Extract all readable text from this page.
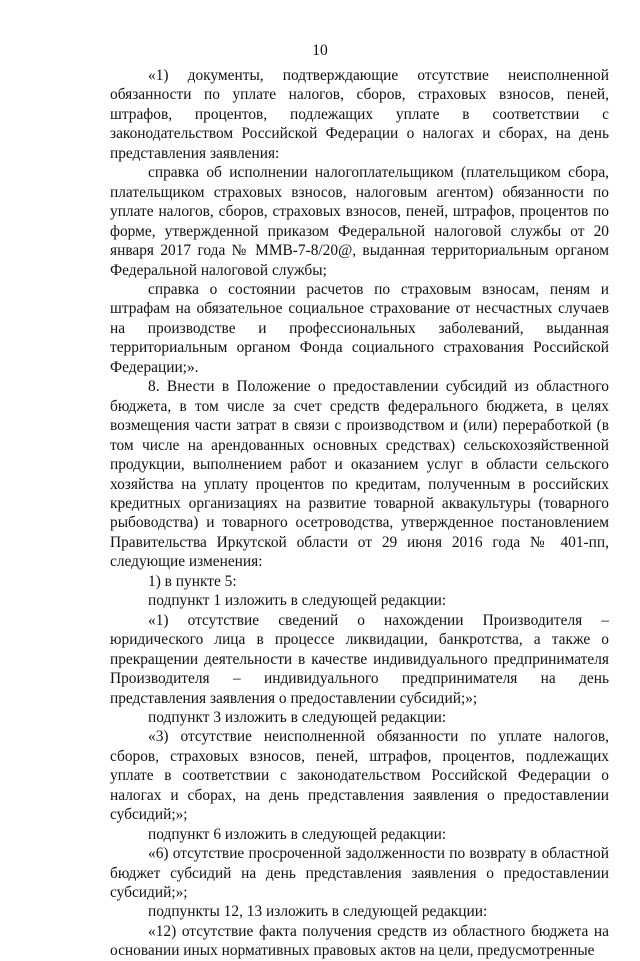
10

«1) документы, подтверждающие отсутствие неисполненной обязанности по уплате налогов, сборов, страховых взносов, пеней, штрафов, процентов, подлежащих уплате в соответствии с законодательством Российской Федерации о налогах и сборах, на день представления заявления:

справка об исполнении налогоплательщиком (плательщиком сбора, плательщиком страховых взносов, налоговым агентом) обязанности по уплате налогов, сборов, страховых взносов, пеней, штрафов, процентов по форме, утвержденной приказом Федеральной налоговой службы от 20 января 2017 года № ММВ-7-8/20@, выданная территориальным органом Федеральной налоговой службы;

справка о состоянии расчетов по страховым взносам, пеням и штрафам на обязательное социальное страхование от несчастных случаев на производстве и профессиональных заболеваний, выданная территориальным органом Фонда социального страхования Российской Федерации;».

8. Внести в Положение о предоставлении субсидий из областного бюджета, в том числе за счет средств федерального бюджета, в целях возмещения части затрат в связи с производством и (или) переработкой (в том числе на арендованных основных средствах) сельскохозяйственной продукции, выполнением работ и оказанием услуг в области сельского хозяйства на уплату процентов по кредитам, полученным в российских кредитных организациях на развитие товарной аквакультуры (товарного рыбоводства) и товарного осетроводства, утвержденное постановлением Правительства Иркутской области от 29 июня 2016 года № 401-пп, следующие изменения:

1) в пункте 5:

подпункт 1 изложить в следующей редакции:

«1) отсутствие сведений о нахождении Производителя – юридического лица в процессе ликвидации, банкротства, а также о прекращении деятельности в качестве индивидуального предпринимателя Производителя – индивидуального предпринимателя на день представления заявления о предоставлении субсидий;»;

подпункт 3 изложить в следующей редакции:

«3) отсутствие неисполненной обязанности по уплате налогов, сборов, страховых взносов, пеней, штрафов, процентов, подлежащих уплате в соответствии с законодательством Российской Федерации о налогах и сборах, на день представления заявления о предоставлении субсидий;»;

подпункт 6 изложить в следующей редакции:

«6) отсутствие просроченной задолженности по возврату в областной бюджет субсидий на день представления заявления о предоставлении субсидий;»;

подпункты 12, 13 изложить в следующей редакции:

«12) отсутствие факта получения средств из областного бюджета на основании иных нормативных правовых актов на цели, предусмотренные
